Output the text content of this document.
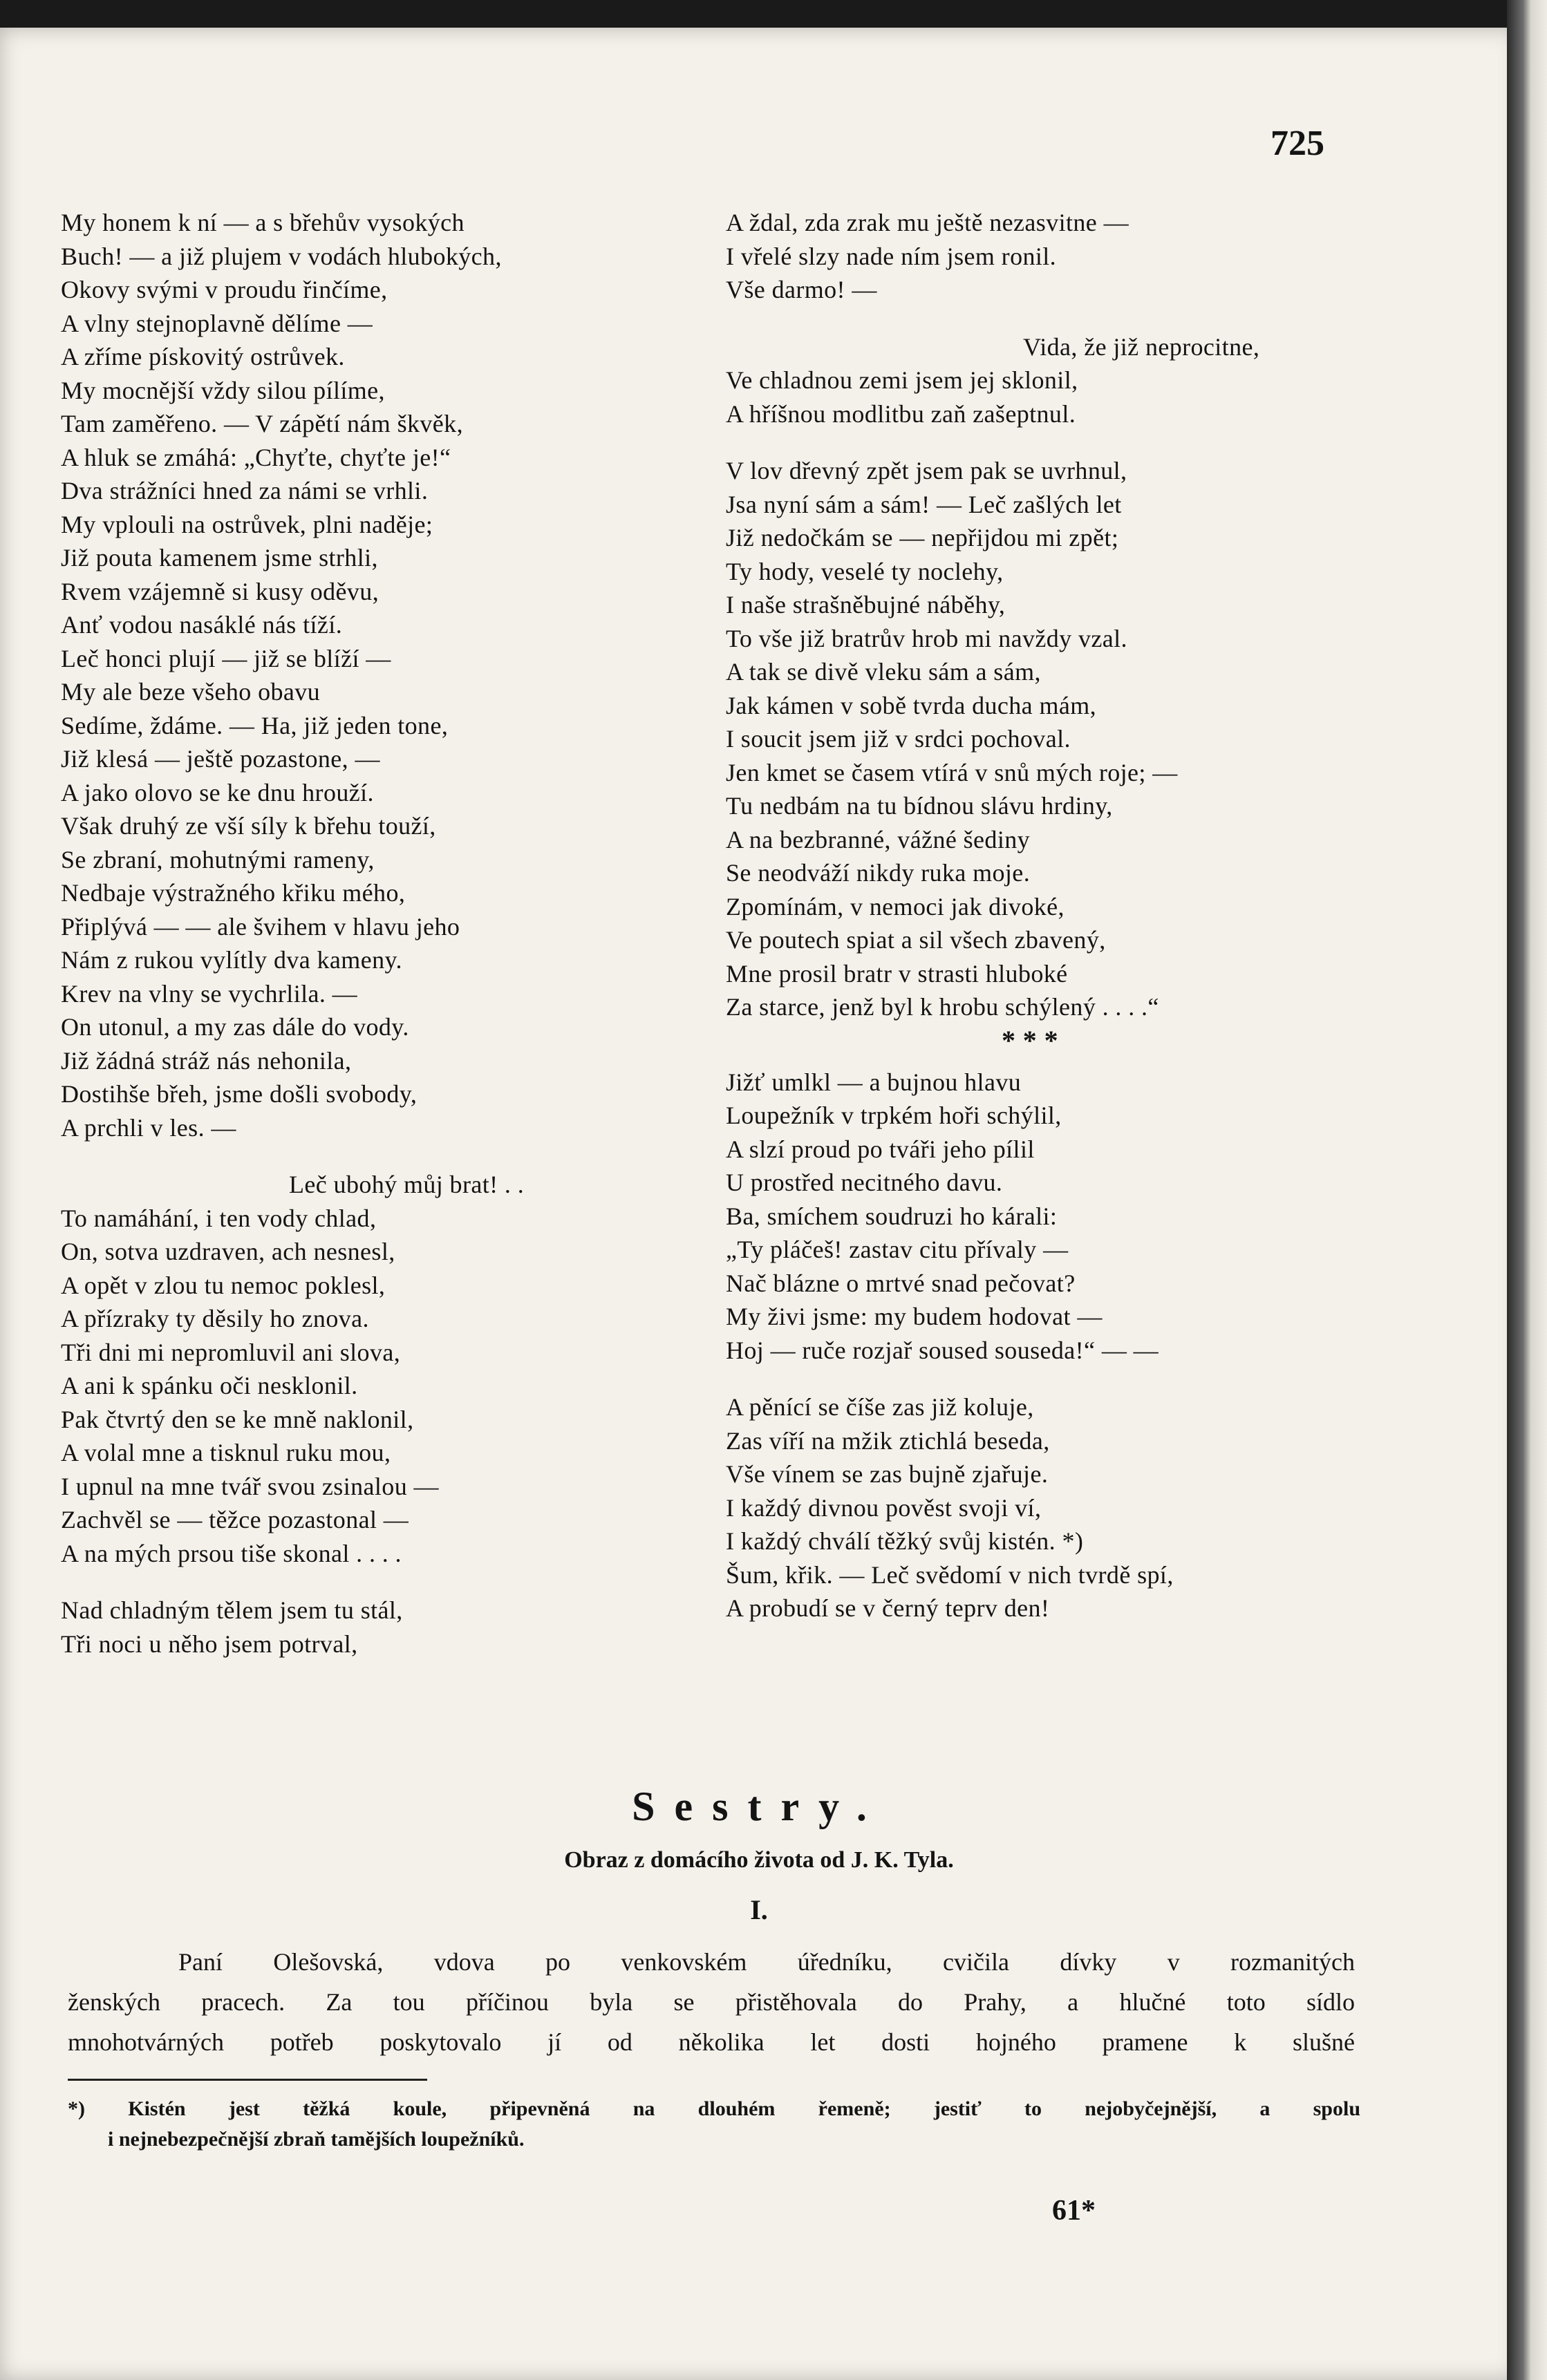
725
My honem k ní — a s břehův vysokých
Buch! — a již plujem v vodách hlubokých,
Okovy svými v proudu řinčíme,
A vlny stejnoplavně dělíme —
A zříme pískovitý ostrůvek.
My mocnější vždy silou pílíme,
Tam zaměřeno. — V zápětí nám škvěk,
A hluk se zmáhá: „Chyťte, chyťte je!“
Dva strážníci hned za námi se vrhli.
My vplouli na ostrůvek, plni naděje;
Již pouta kamenem jsme strhli,
Rvem vzájemně si kusy oděvu,
Anť vodou nasáklé nás tíží.
Leč honci plují — již se blíží —
My ale beze všeho obavu
Sedíme, ždáme. — Ha, již jeden tone,
Již klesá — ještě pozastone, —
A jako olovo se ke dnu hrouží.
Však druhý ze vší síly k břehu touží,
Se zbraní, mohutnými rameny,
Nedbaje výstražného křiku mého,
Připlývá — — ale švihem v hlavu jeho
Nám z rukou vylítly dva kameny.
Krev na vlny se vychrlila. —
On utonul, a my zas dále do vody.
Již žádná stráž nás nehonila,
Dostihše břeh, jsme došli svobody,
A prchli v les. —
Leč ubohý můj brat! . .
To namáhání, i ten vody chlad,
On, sotva uzdraven, ach nesnesl,
A opět v zlou tu nemoc poklesl,
A přízraky ty děsily ho znova.
Tři dni mi nepromluvil ani slova,
A ani k spánku oči nesklonil.
Pak čtvrtý den se ke mně naklonil,
A volal mne a tisknul ruku mou,
I upnul na mne tvář svou zsinalou —
Zachvěl se — těžce pozastonal —
A na mých prsou tiše skonal . . . .
Nad chladným tělem jsem tu stál,
Tři noci u něho jsem potrval,
A ždal, zda zrak mu ještě nezasvitne —
I vřelé slzy nade ním jsem ronil.
Vše darmo! —
Vida, že již neprocitne,
Ve chladnou zemi jsem jej sklonil,
A hříšnou modlitbu zaň zašeptnul.
V lov dřevný zpět jsem pak se uvrhnul,
Jsa nyní sám a sám! — Leč zašlých let
Již nedočkám se — nepřijdou mi zpět;
Ty hody, veselé ty noclehy,
I naše strašněbujné náběhy,
To vše již bratrův hrob mi navždy vzal.
A tak se divě vleku sám a sám,
Jak kámen v sobě tvrda ducha mám,
I soucit jsem již v srdci pochoval.
Jen kmet se časem vtírá v snů mých roje; —
Tu nedbám na tu bídnou slávu hrdiny,
A na bezbranné, vážné šediny
Se neodváží nikdy ruka moje.
Zpomínám, v nemoci jak divoké,
Ve poutech spiat a sil všech zbavený,
Mne prosil bratr v strasti hluboké
Za starce, jenž byl k hrobu schýlený . . . .“
* * *
Jižť umlkl — a bujnou hlavu
Loupežník v trpkém hoři schýlil,
A slzí proud po tváři jeho pílil
U prostřed necitného davu.
Ba, smíchem soudruzi ho kárali:
„Ty pláčeš! zastav citu přívaly —
Nač blázne o mrtvé snad pečovat?
My živi jsme: my budem hodovat —
Hoj — ruče rozjař soused souseda!“ — —
A pěnící se číše zas již koluje,
Zas víří na mžik ztichlá beseda,
Vše vínem se zas bujně zjařuje.
I každý divnou pověst svoji ví,
I každý chválí těžký svůj kistén. *)
Šum, křik. — Leč svědomí v nich tvrdě spí,
A probudí se v černý teprv den!
Sestry.
Obraz z domácího života od J. K. Tyla.
I.
Paní Olešovská, vdova po venkovském úředníku, cvičila dívky v rozmanitých
ženských pracech. Za tou příčinou byla se přistěhovala do Prahy, a hlučné toto sídlo
mnohotvárných potřeb poskytovalo jí od několika let dosti hojného pramene k slušné
*) Kistén jest těžká koule, připevněná na dlouhém řemeně; jestiť to nejobyčejnější, a spolu
i nejnebezpečnější zbraň tamějších loupežníků.
61*
